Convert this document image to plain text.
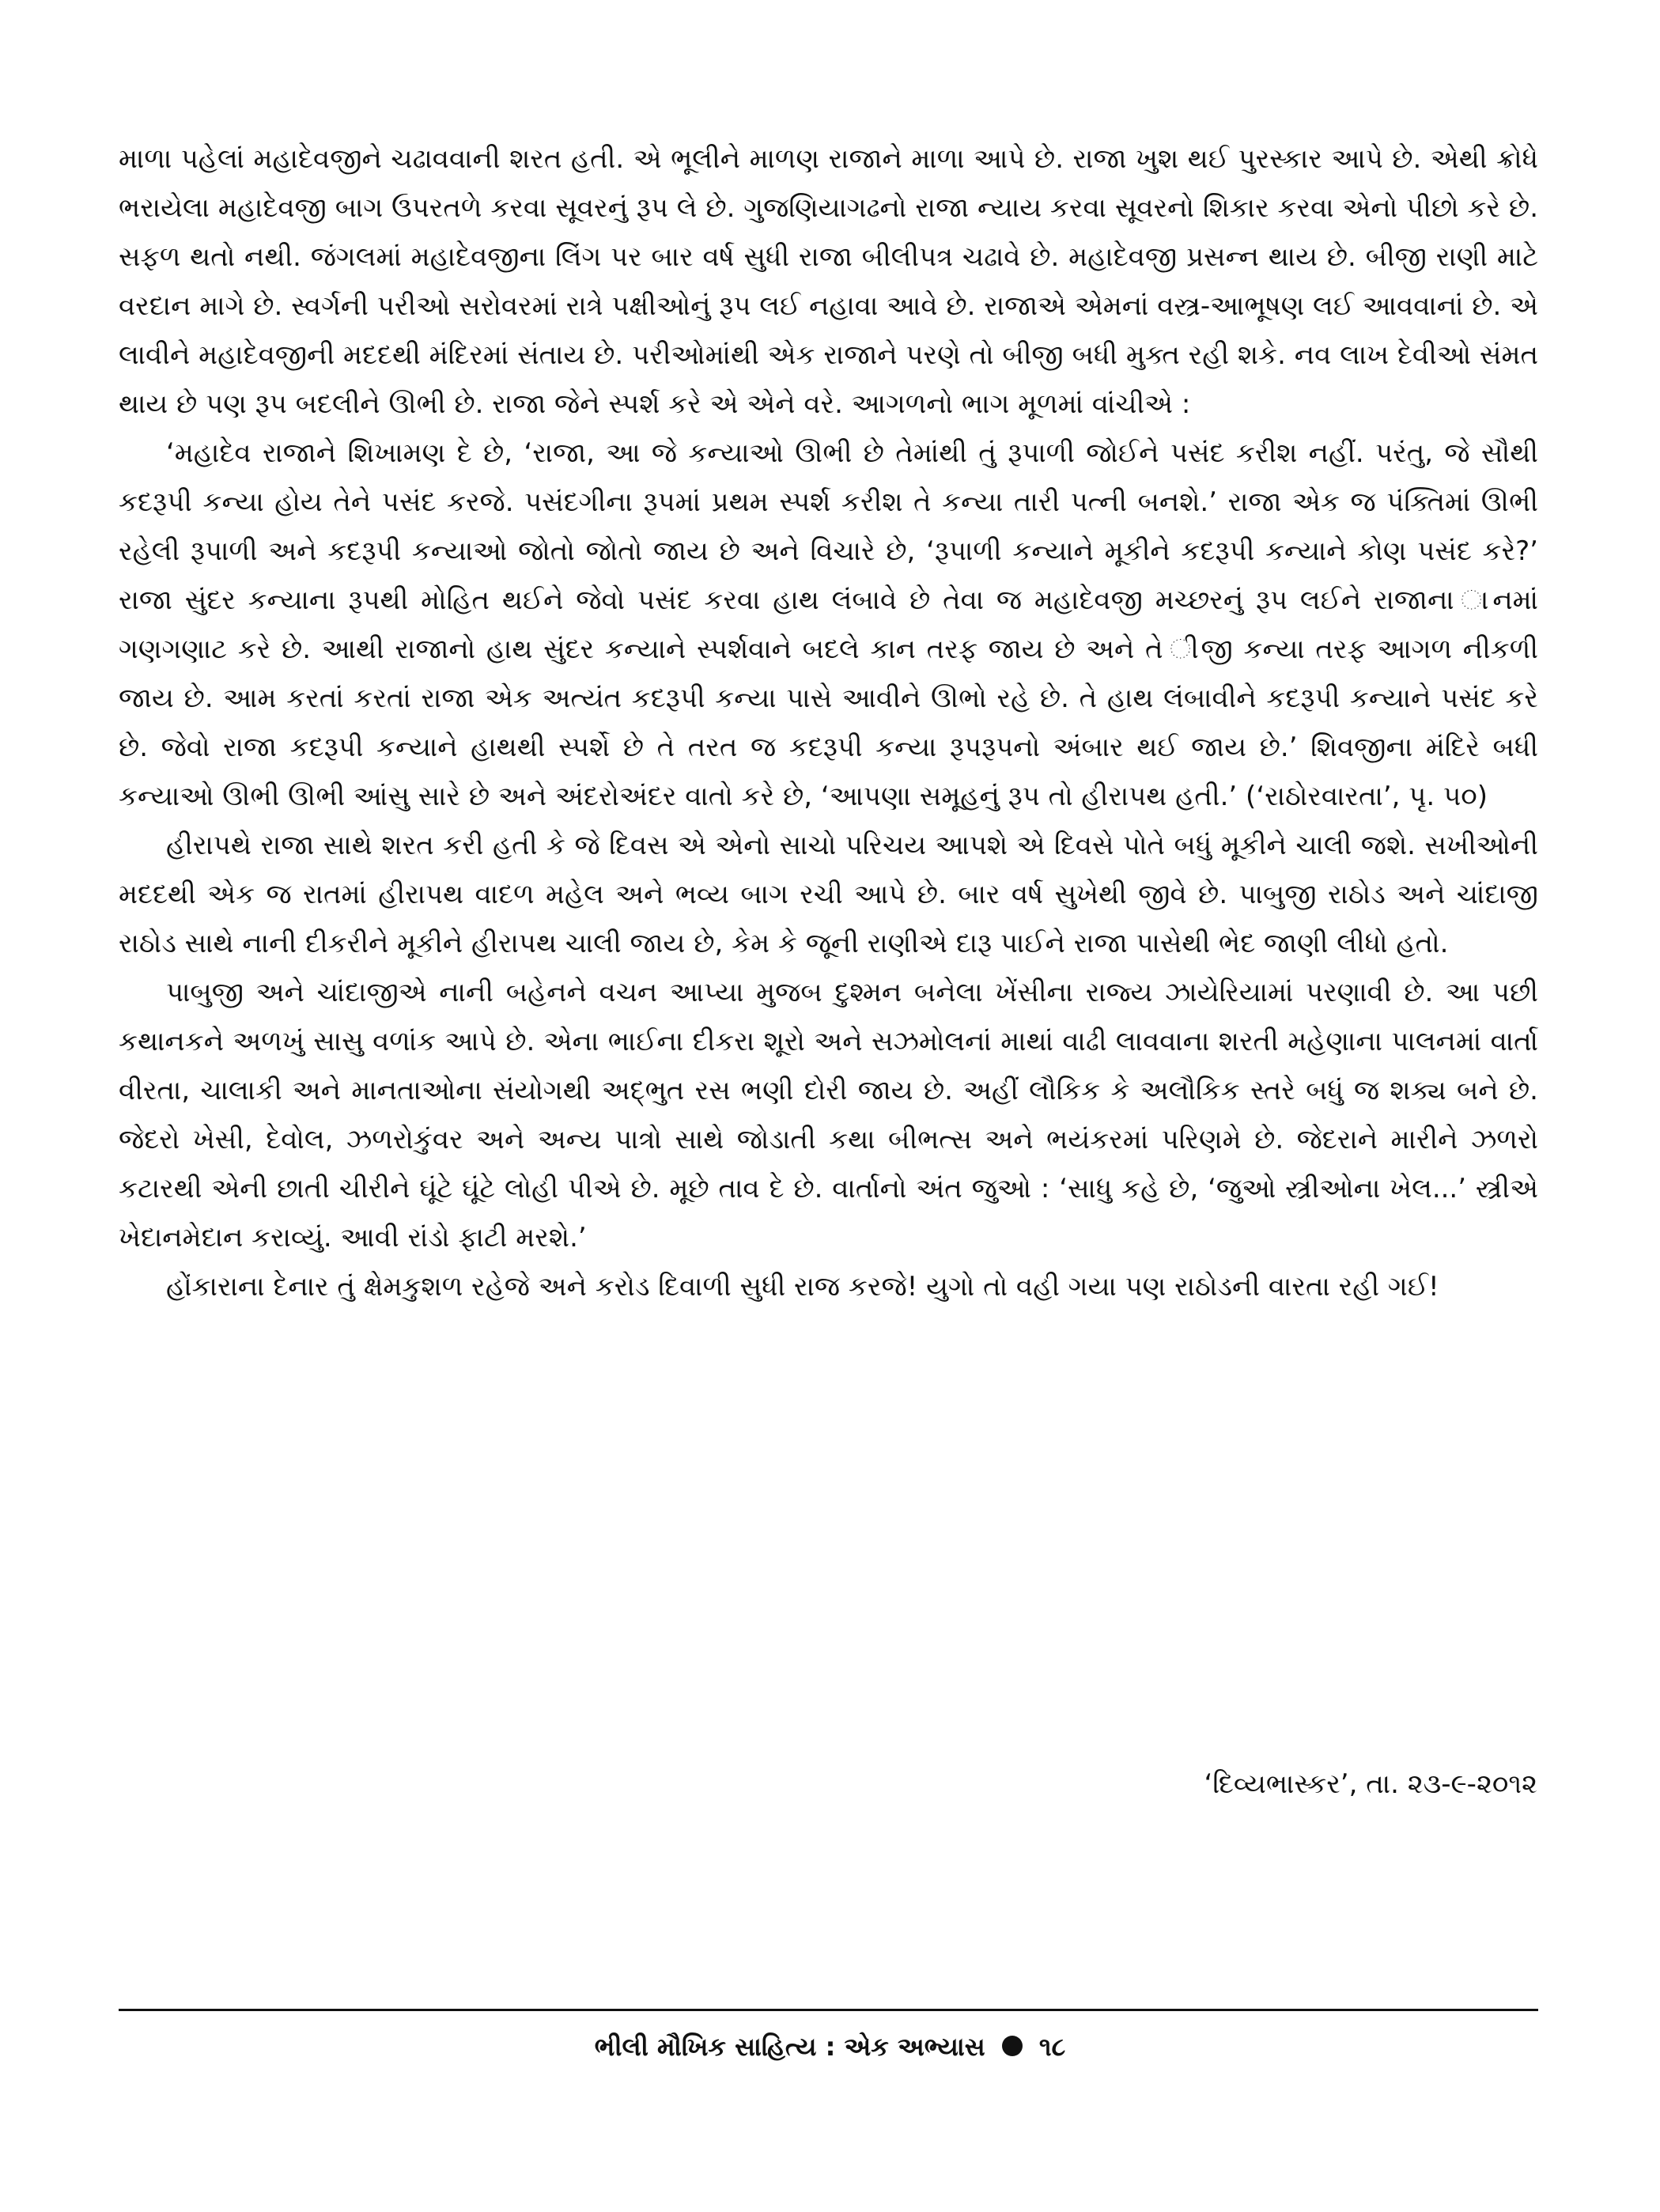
માળા પહેલાં મહાદેવજીને ચઢાવવાની શરત હતી. એ ભૂલીને માળણ રાજાને માળા આપે છે. રાજા ખુશ થઈ પુરસ્કાર આપે છે. એથી ક્રોધે ભરાયેલા મહાદેવજી બાગ ઉપરતળે કરવા સૂવરનું રૂપ લે છે. ગુજણિયાગઢનો રાજા ન્યાય કરવા સૂવરનો શિકાર કરવા એનો પીછો કરે છે. સફળ થતો નથી. જંગલમાં મહાદેવજીના લિંગ પર બાર વર્ષ સુધી રાજા બીલીપત્ર ચઢાવે છે. મહાદેવજી પ્રસન્ન થાય છે. બીજી રાણી માટે વરદાન માગે છે. સ્વર્ગની પરીઓ સરોવરમાં રાત્રે પક્ષીઓનું રૂપ લઈ નહાવા આવે છે. રાજાએ એમનાં વસ્ત્ર-આભૂષણ લઈ આવવાનાં છે. એ લાવીને મહાદેવજીની મદદથી મંદિરમાં સંતાય છે. પરીઓમાંથી એક રાજાને પરણે તો બીજી બધી મુક્ત રહી શકે. નવ લાખ દેવીઓ સંમત થાય છે પણ રૂપ બદલીને ઊભી છે. રાજા જેને સ્પર્શ કરે એ એને વરે. આગળનો ભાગ મૂળમાં વાંચીએ :

‘મહાદેવ રાજાને શિખામણ દે છે, ‘રાજા, આ જે કન્યાઓ ઊભી છે તેમાંથી તું રૂપાળી જોઈને પસંદ કરીશ નહીં. પરંતુ, જે સૌથી કદરૂપી કન્યા હોય તેને પસંદ કરજે. પસંદગીના રૂપમાં પ્રથમ સ્પર્શ કરીશ તે કન્યા તારી પત્ની બનશે.’ રાજા એક જ પંક્તિમાં ઊભી રહેલી રૂપાળી અને કદરૂપી કન્યાઓ જોતો જોતો જાય છે અને વિચારે છે, ‘રૂપાળી કન્યાને મૂકીને કદરૂપી કન્યાને કોણ પસંદ કરે?’ રાજા સુંદર કન્યાના રૂપથી મોહિત થઈને જેવો પસંદ કરવા હાથ લંબાવે છે તેવા જ મહાદેવજી મચ્છરનું રૂપ લઈને રાજાના ાનમાં ગણગણાટ કરે છે. આથી રાજાનો હાથ સુંદર કન્યાને સ્પર્શવાને બદલે કાન તરફ જાય છે અને તે ીજી કન્યા તરફ આગળ નીકળી જાય છે. આમ કરતાં કરતાં રાજા એક અત્યંત કદરૂપી કન્યા પાસે આવીને ઊભો રહે છે. તે હાથ લંબાવીને કદરૂપી કન્યાને પસંદ કરે છે. જેવો રાજા કદરૂપી કન્યાને હાથથી સ્પર્શે છે તે તરત જ કદરૂપી કન્યા રૂપરૂપનો અંબાર થઈ જાય છે.’ શિવજીના મંદિરે બધી કન્યાઓ ઊભી ઊભી આંસુ સારે છે અને અંદરોઅંદર વાતો કરે છે, ‘આપણા સમૂહનું રૂપ તો હીરાપથ હતી.’ (‘રાઠોરવારતા’, પૃ. ૫૦)

હીરાપથે રાજા સાથે શરત કરી હતી કે જે દિવસ એ એનો સાચો પરિચય આપશે એ દિવસે પોતે બધું મૂકીને ચાલી જશે. સખીઓની મદદથી એક જ રાતમાં હીરાપથ વાદળ મહેલ અને ભવ્ય બાગ રચી આપે છે. બાર વર્ષ સુખેથી જીવે છે. પાબુજી રાઠોડ અને ચાંદાજી રાઠોડ સાથે નાની દીકરીને મૂકીને હીરાપથ ચાલી જાય છે, કેમ કે જૂની રાણીએ દારૂ પાઈને રાજા પાસેથી ભેદ જાણી લીધો હતો.

પાબુજી અને ચાંદાજીએ નાની બહેનને વચન આપ્યા મુજબ દુશ્મન બનેલા ખેંસીના રાજ્ય ઝાયેરિયામાં પરણાવી છે. આ પછી કથાનકને અળખું સાસુ વળાંક આપે છે. એના ભાઈના દીકરા શૂરો અને સઝમોલનાં માથાં વાઢી લાવવાના શરતી મહેણાના પાલનમાં વાર્તા વીરતા, ચાલાકી અને માનતાઓના સંયોગથી અદ્ભુત રસ ભણી દોરી જાય છે. અહીં લૌકિક કે અલૌકિક સ્તરે બધું જ શક્ય બને છે. જેદરો ખેસી, દેવોલ, ઝળરોકુંવર અને અન્ય પાત્રો સાથે જોડાતી કથા બીભત્સ અને ભયંકરમાં પરિણમે છે. જેદરાને મારીને ઝળરો કટારથી એની છાતી ચીરીને ઘૂંટે ઘૂંટે લોહી પીએ છે. મૂછે તાવ દે છે. વાર્તાનો અંત જુઓ : ‘સાધુ કહે છે, ‘જુઓ સ્ત્રીઓના ખેલ...’ સ્ત્રીએ ખેદાનમેદાન કરાવ્યું. આવી રાંડો ફાટી મરશે.’

હોંકારાના દેનાર તું ક્ષેમકુશળ રહેજે અને કરોડ દિવાળી સુધી રાજ કરજે! યુગો તો વહી ગયા પણ રાઠોડની વારતા રહી ગઈ!

‘દિવ્યભાસ્કર’, તા. ૨૩-૯-૨૦૧૨
ભીલી મૌખિક સાહિત્ય : એક અભ્યાસ ૧૮
